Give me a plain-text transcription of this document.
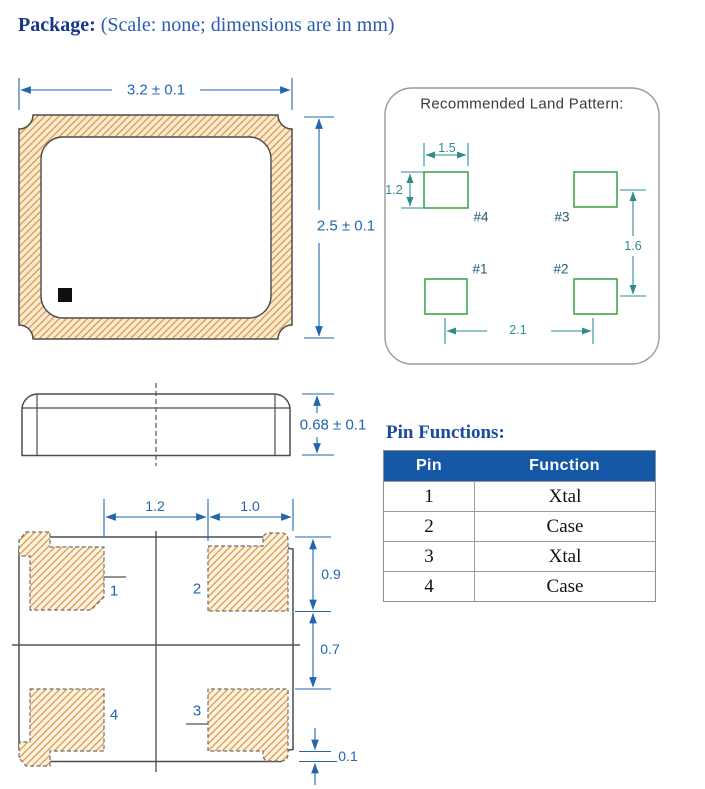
Package: (Scale: none; dimensions are in mm)
3.2 ± 0.1
2.5 ± 0.1
Recommended Land Pattern:
1.5
1.2
1.6
2.1
#4	#3
#1	#2
0.68 ± 0.1
1.2	1.0
0.9
0.7
0.1
1	2
4	3
Pin Functions:
Pin	Function
1	Xtal
2	Case
3	Xtal
4	Case
